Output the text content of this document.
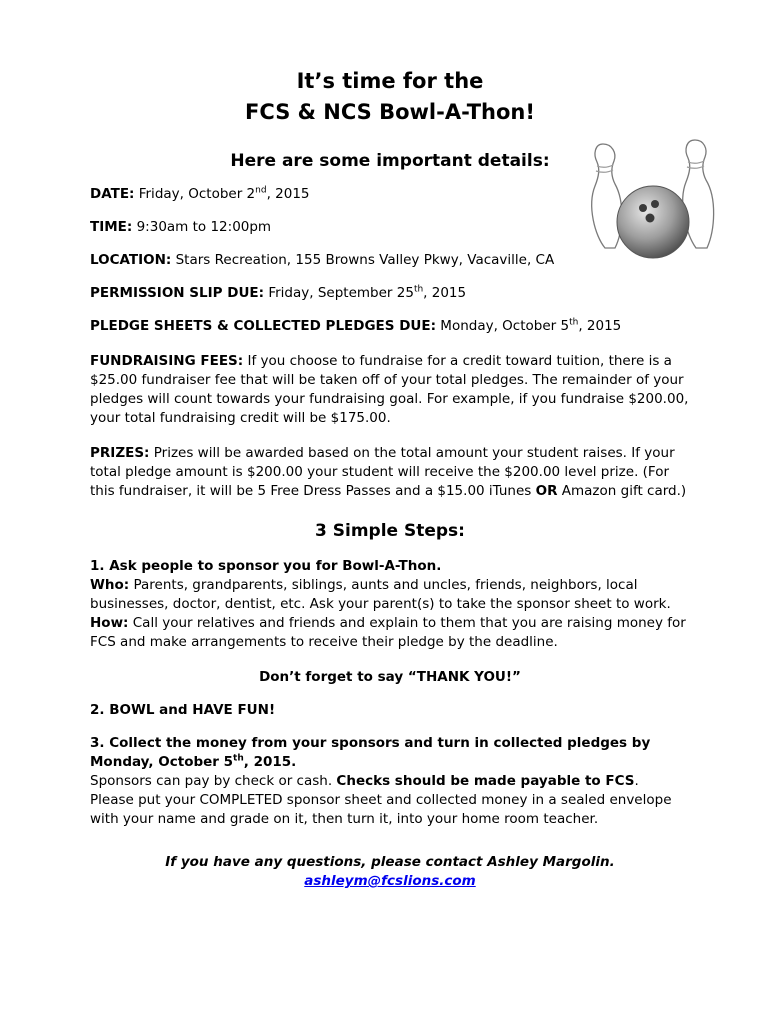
It’s time for the
FCS & NCS Bowl-A-Thon!

Here are some important details:

DATE: Friday, October 2nd, 2015

TIME: 9:30am to 12:00pm

LOCATION: Stars Recreation, 155 Browns Valley Pkwy, Vacaville, CA

PERMISSION SLIP DUE: Friday, September 25th, 2015

PLEDGE SHEETS & COLLECTED PLEDGES DUE: Monday, October 5th, 2015

FUNDRAISING FEES: If you choose to fundraise for a credit toward tuition, there is a $25.00 fundraiser fee that will be taken off of your total pledges. The remainder of your pledges will count towards your fundraising goal. For example, if you fundraise $200.00, your total fundraising credit will be $175.00.

PRIZES: Prizes will be awarded based on the total amount your student raises. If your total pledge amount is $200.00 your student will receive the $200.00 level prize. (For this fundraiser, it will be 5 Free Dress Passes and a $15.00 iTunes OR Amazon gift card.)

3 Simple Steps:

1. Ask people to sponsor you for Bowl-A-Thon.

Who: Parents, grandparents, siblings, aunts and uncles, friends, neighbors, local businesses, doctor, dentist, etc. Ask your parent(s) to take the sponsor sheet to work.

How: Call your relatives and friends and explain to them that you are raising money for FCS and make arrangements to receive their pledge by the deadline.

Don’t forget to say “THANK YOU!”

2. BOWL and HAVE FUN!

3. Collect the money from your sponsors and turn in collected pledges by Monday, October 5th, 2015.

Sponsors can pay by check or cash. Checks should be made payable to FCS.

Please put your COMPLETED sponsor sheet and collected money in a sealed envelope with your name and grade on it, then turn it, into your home room teacher.

If you have any questions, please contact Ashley Margolin.

ashleym@fcslions.com
